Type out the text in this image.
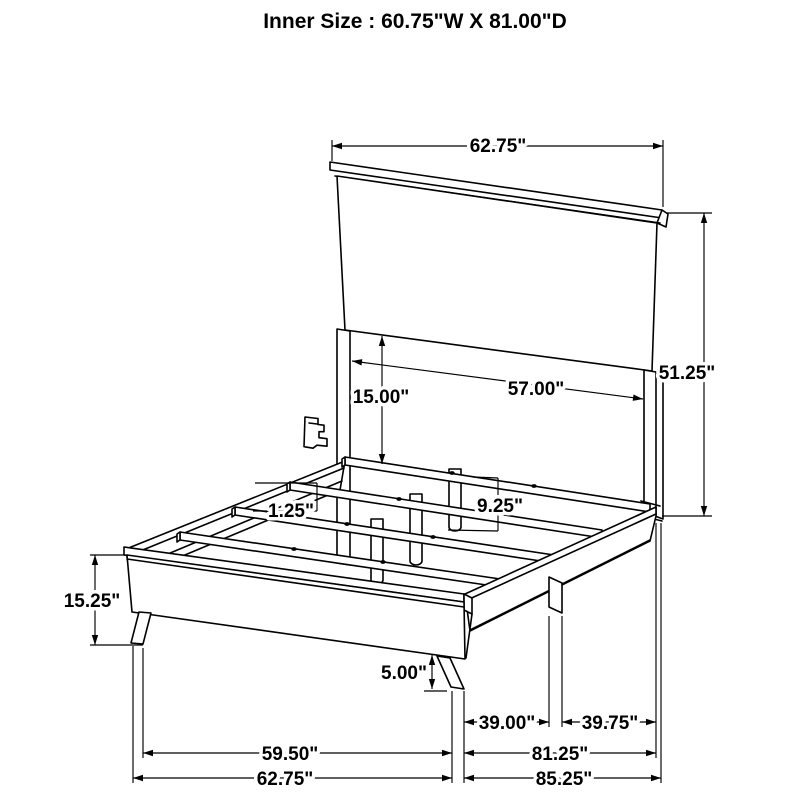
62.75"
51.25"
57.00"
15.00"
1.25"	9.25"
15.25"
5.00"
39.00" 39.75"
59.50"	81.25"
62.75"	85.25"
Inner Size : 60.75"W X 81.00"D
